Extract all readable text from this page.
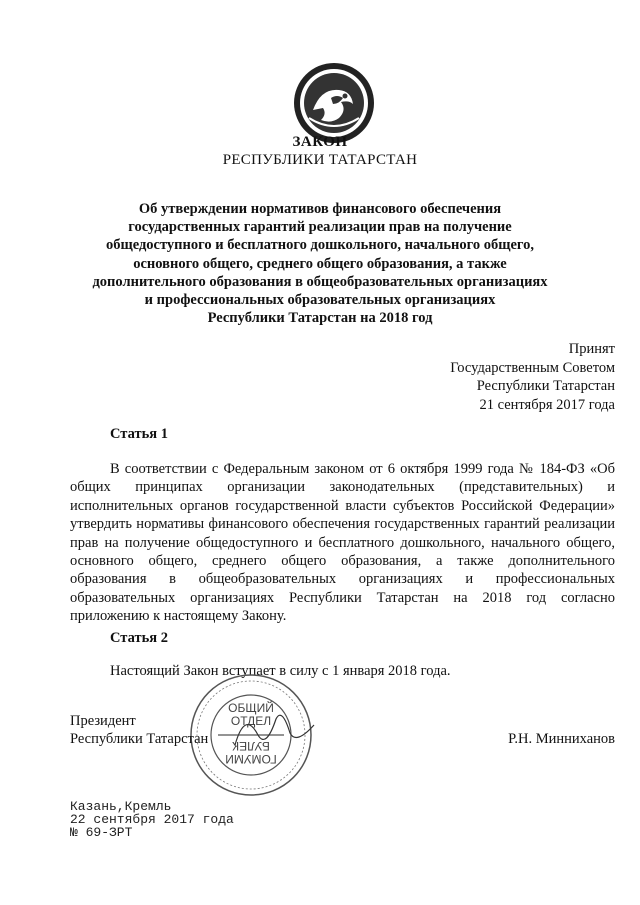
ЗАКОН
РЕСПУБЛИКИ ТАТАРСТАН
Об утверждении нормативов финансового обеспечения
государственных гарантий реализации прав на получение
общедоступного и бесплатного дошкольного, начального общего,
основного общего, среднего общего образования, а также
дополнительного образования в общеобразовательных организациях
и профессиональных образовательных организациях
Республики Татарстан на 2018 год
Принят
Государственным Советом
Республики Татарстан
21 сентября 2017 года
Статья 1
В соответствии с Федеральным законом от 6 октября 1999 года № 184-ФЗ «Об общих принципах организации законодательных (представительных) и исполнительных органов государственной власти субъектов Российской Федерации» утвердить нормативы финансового обеспечения государственных гарантий реализации прав на получение общедоступного и бесплатного дошкольного, начального общего, основного общего, среднего общего образования, а также дополнительного образования в общеобразовательных организациях и профессиональных образовательных организациях Республики Татарстан на 2018 год согласно приложению к настоящему Закону.
Статья 2
Настоящий Закон вступает в силу с 1 января 2018 года.
ОБЩИЙ
ОТДЕЛ
ГОМУМИ
БУЛЕК
Президент
Республики Татарстан	Р.Н. Минниханов
Казань,Кремль
22 сентября 2017 года
№ 69-ЗРТ
